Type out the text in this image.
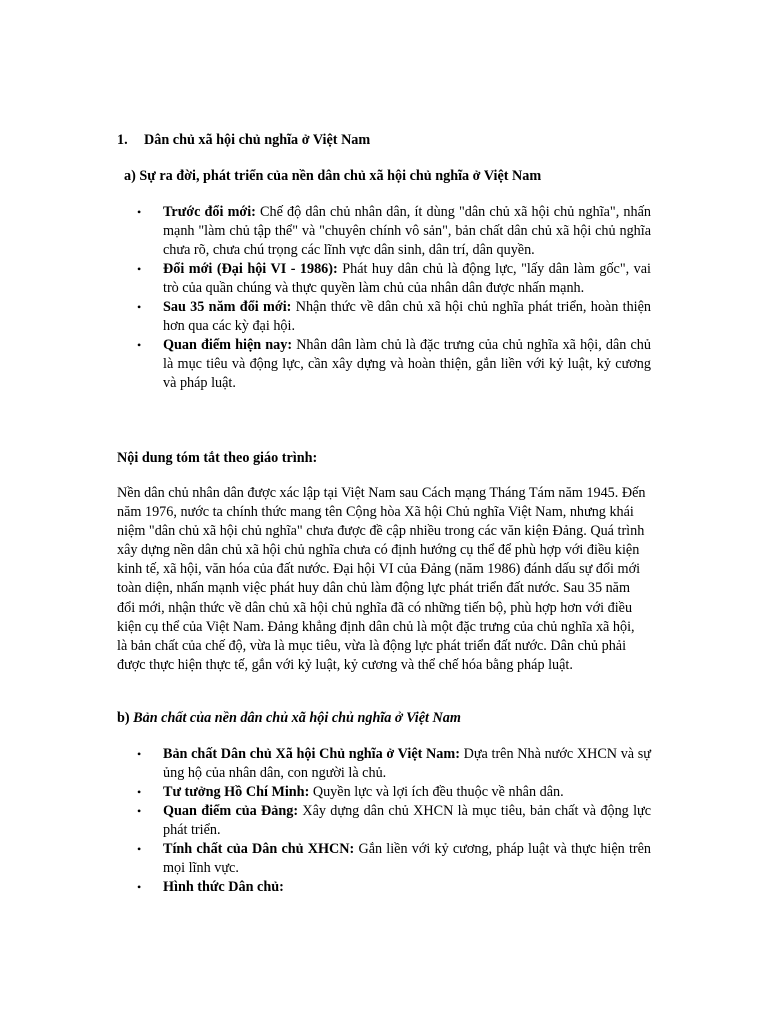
1. Dân chủ xã hội chủ nghĩa ở Việt Nam
a) Sự ra đời, phát triển của nền dân chủ xã hội chủ nghĩa ở Việt Nam
• Trước đổi mới: Chế độ dân chủ nhân dân, ít dùng "dân chủ xã hội chủ nghĩa", nhấn mạnh "làm chủ tập thể" và "chuyên chính vô sản", bản chất dân chủ xã hội chủ nghĩa chưa rõ, chưa chú trọng các lĩnh vực dân sinh, dân trí, dân quyền.
• Đổi mới (Đại hội VI - 1986): Phát huy dân chủ là động lực, "lấy dân làm gốc", vai trò của quần chúng và thực quyền làm chủ của nhân dân được nhấn mạnh.
• Sau 35 năm đổi mới: Nhận thức về dân chủ xã hội chủ nghĩa phát triển, hoàn thiện hơn qua các kỳ đại hội.
• Quan điểm hiện nay: Nhân dân làm chủ là đặc trưng của chủ nghĩa xã hội, dân chủ là mục tiêu và động lực, cần xây dựng và hoàn thiện, gắn liền với kỷ luật, kỷ cương và pháp luật.
Nội dung tóm tắt theo giáo trình:

Nền dân chủ nhân dân được xác lập tại Việt Nam sau Cách mạng Tháng Tám năm 1945. Đến năm 1976, nước ta chính thức mang tên Cộng hòa Xã hội Chủ nghĩa Việt Nam, nhưng khái niệm "dân chủ xã hội chủ nghĩa" chưa được đề cập nhiều trong các văn kiện Đảng. Quá trình xây dựng nền dân chủ xã hội chủ nghĩa chưa có định hướng cụ thể để phù hợp với điều kiện kinh tế, xã hội, văn hóa của đất nước. Đại hội VI của Đảng (năm 1986) đánh dấu sự đổi mới toàn diện, nhấn mạnh việc phát huy dân chủ làm động lực phát triển đất nước. Sau 35 năm đổi mới, nhận thức về dân chủ xã hội chủ nghĩa đã có những tiến bộ, phù hợp hơn với điều kiện cụ thể của Việt Nam. Đảng khẳng định dân chủ là một đặc trưng của chủ nghĩa xã hội, là bản chất của chế độ, vừa là mục tiêu, vừa là động lực phát triển đất nước. Dân chủ phải được thực hiện thực tế, gắn với kỷ luật, kỷ cương và thể chế hóa bằng pháp luật.

b) Bản chất của nền dân chủ xã hội chủ nghĩa ở Việt Nam
• Bản chất Dân chủ Xã hội Chủ nghĩa ở Việt Nam: Dựa trên Nhà nước XHCN và sự ủng hộ của nhân dân, con người là chủ.
• Tư tưởng Hồ Chí Minh: Quyền lực và lợi ích đều thuộc về nhân dân.
• Quan điểm của Đảng: Xây dựng dân chủ XHCN là mục tiêu, bản chất và động lực phát triển.
• Tính chất của Dân chủ XHCN: Gắn liền với kỷ cương, pháp luật và thực hiện trên mọi lĩnh vực.
• Hình thức Dân chủ:
